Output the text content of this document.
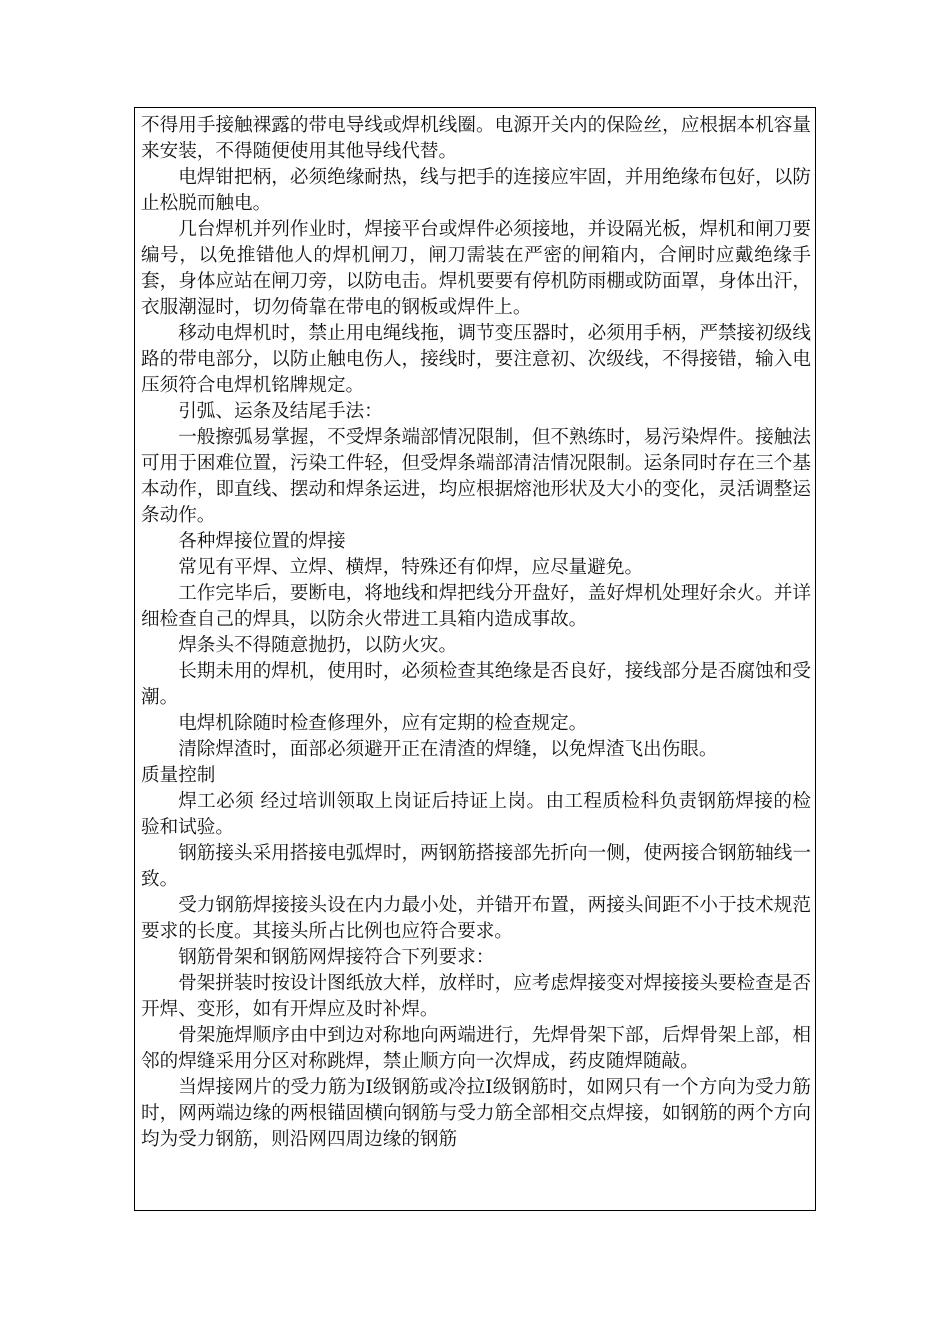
不得用手接触裸露的带电导线或焊机线圈。电源开关内的保险丝，应根据本机容量来安装，不得随便使用其他导线代替。

电焊钳把柄，必须绝缘耐热，线与把手的连接应牢固，并用绝缘布包好，以防止松脱而触电。

几台焊机并列作业时，焊接平台或焊件必须接地，并设隔光板，焊机和闸刀要编号，以免推错他人的焊机闸刀，闸刀需装在严密的闸箱内，合闸时应戴绝缘手套，身体应站在闸刀旁，以防电击。焊机要要有停机防雨棚或防面罩，身体出汗，衣服潮湿时，切勿倚靠在带电的钢板或焊件上。

移动电焊机时，禁止用电绳线拖，调节变压器时，必须用手柄，严禁接初级线路的带电部分，以防止触电伤人，接线时，要注意初、次级线，不得接错，输入电压须符合电焊机铭牌规定。

引弧、运条及结尾手法：

一般擦弧易掌握，不受焊条端部情况限制，但不熟练时，易污染焊件。接触法可用于困难位置，污染工件轻，但受焊条端部清洁情况限制。运条同时存在三个基本动作，即直线、摆动和焊条运进，均应根据熔池形状及大小的变化，灵活调整运条动作。

各种焊接位置的焊接

常见有平焊、立焊、横焊，特殊还有仰焊，应尽量避免。

工作完毕后，要断电，将地线和焊把线分开盘好，盖好焊机处理好余火。并详细检查自己的焊具，以防余火带进工具箱内造成事故。

焊条头不得随意抛扔，以防火灾。

长期未用的焊机，使用时，必须检查其绝缘是否良好，接线部分是否腐蚀和受潮。

电焊机除随时检查修理外，应有定期的检查规定。

清除焊渣时，面部必须避开正在清渣的焊缝，以免焊渣飞出伤眼。

质量控制

焊工必须 经过培训领取上岗证后持证上岗。由工程质检科负责钢筋焊接的检验和试验。

钢筋接头采用搭接电弧焊时，两钢筋搭接部先折向一侧，使两接合钢筋轴线一致。

受力钢筋焊接接头设在内力最小处，并错开布置，两接头间距不小于技术规范要求的长度。其接头所占比例也应符合要求。

钢筋骨架和钢筋网焊接符合下列要求：

骨架拼装时按设计图纸放大样，放样时，应考虑焊接变对焊接接头要检查是否开焊、变形，如有开焊应及时补焊。

骨架施焊顺序由中到边对称地向两端进行，先焊骨架下部，后焊骨架上部，相邻的焊缝采用分区对称跳焊，禁止顺方向一次焊成，药皮随焊随敲。

当焊接网片的受力筋为Ⅰ级钢筋或冷拉Ⅰ级钢筋时，如网只有一个方向为受力筋时，网两端边缘的两根锚固横向钢筋与受力筋全部相交点焊接，如钢筋的两个方向均为受力钢筋，则沿网四周边缘的钢筋
